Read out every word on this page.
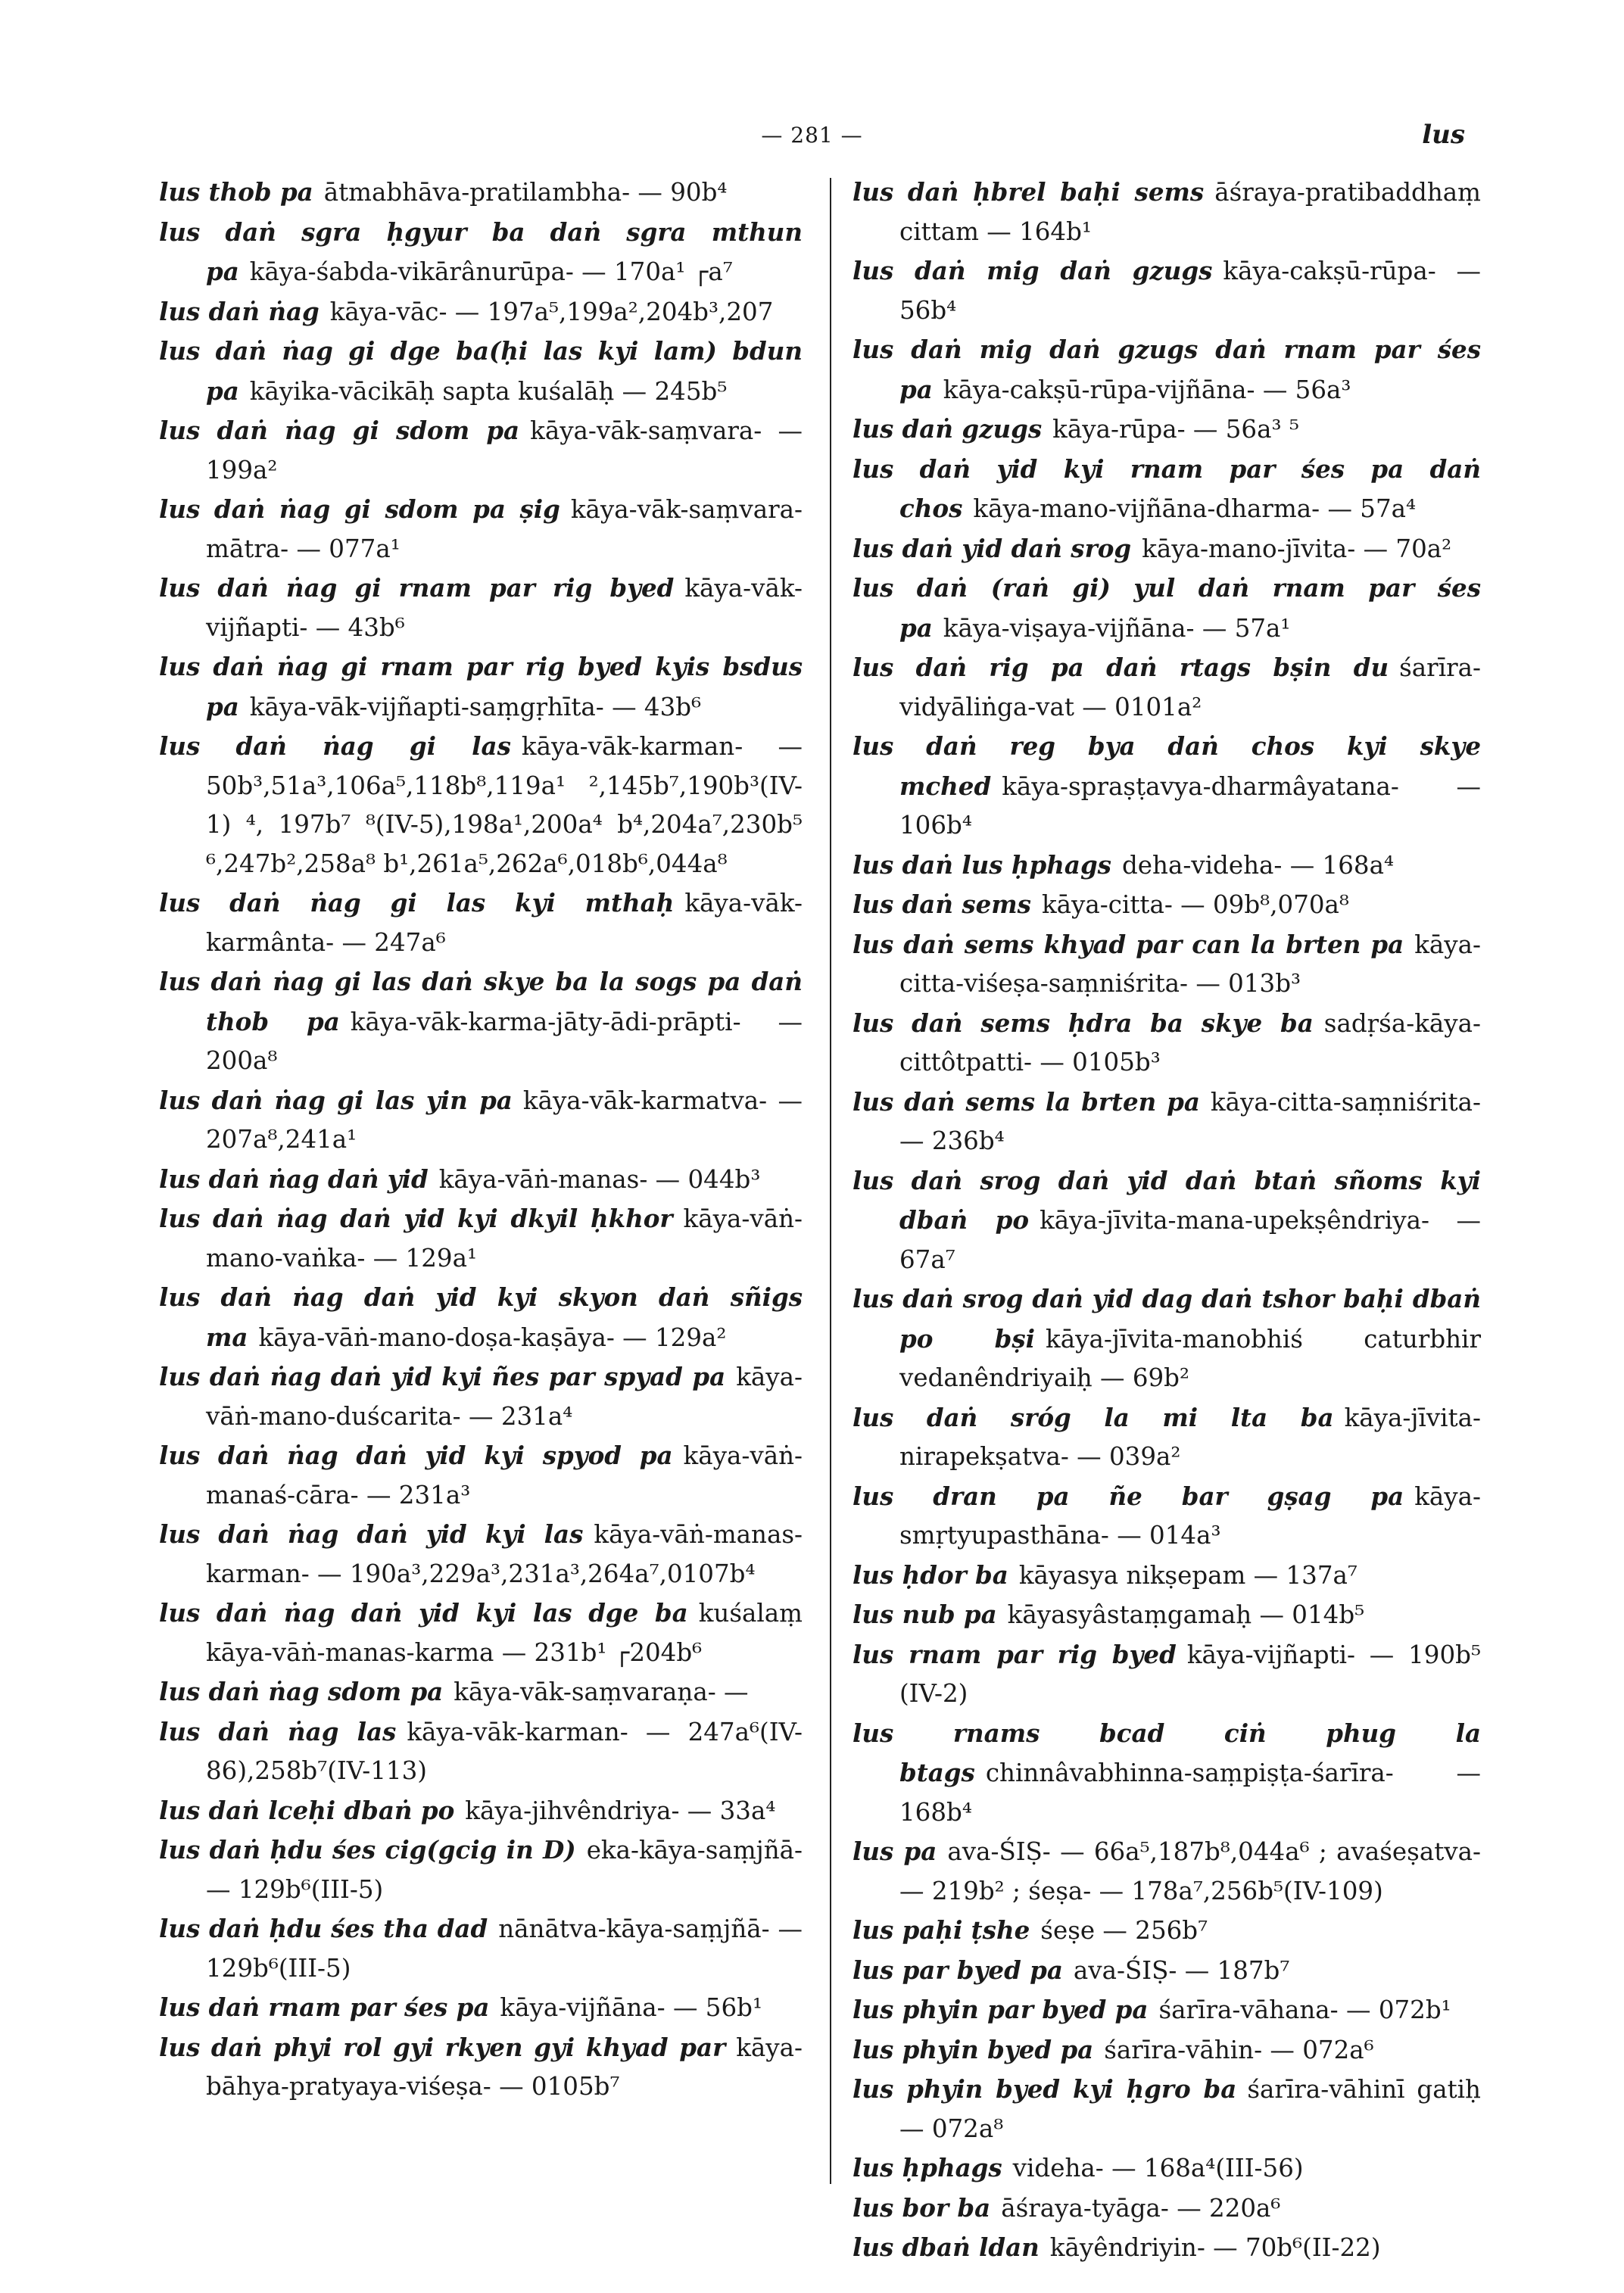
— 281 —	lus
lus thob pa ātmabhāva-pratilambha- — 90b⁴
lus daṅ sgra ḥgyur ba daṅ sgra mthun pa kāya-śabda-vikārânurūpa- — 170a¹ ┌a⁷
lus daṅ ṅag kāya-vāc- — 197a⁵,199a²,204b³,207
lus daṅ ṅag gi dge ba(ḥi las kyi lam) bdun pa kāyika-vācikāḥ sapta kuśalāḥ — 245b⁵
lus daṅ ṅag gi sdom pa kāya-vāk-saṃvara- — 199a²
lus daṅ ṅag gi sdom pa ṣig kāya-vāk-saṃvara-mātra- — 077a¹
lus daṅ ṅag gi rnam par rig byed kāya-vāk-vijñapti- — 43b⁶
lus daṅ ṅag gi rnam par rig byed kyis bsdus pa kāya-vāk-vijñapti-saṃgṛhīta- — 43b⁶
lus daṅ ṅag gi las kāya-vāk-karman- — 50b³,51a³,106a⁵,118b⁸,119a¹ ²,145b⁷,190b³(IV-1) ⁴, 197b⁷ ⁸(IV-5),198a¹,200a⁴ b⁴,204a⁷,230b⁵ ⁶,247b²,258a⁸ b¹,261a⁵,262a⁶,018b⁶,044a⁸
lus daṅ ṅag gi las kyi mthaḥ kāya-vāk-karmânta- — 247a⁶
lus daṅ ṅag gi las daṅ skye ba la sogs pa daṅ thob pa kāya-vāk-karma-jāty-ādi-prāpti- — 200a⁸
lus daṅ ṅag gi las yin pa kāya-vāk-karmatva- — 207a⁸,241a¹
lus daṅ ṅag daṅ yid kāya-vāṅ-manas- — 044b³
lus daṅ ṅag daṅ yid kyi dkyil ḥkhor kāya-vāṅ-mano-vaṅka- — 129a¹
lus daṅ ṅag daṅ yid kyi skyon daṅ sñigs ma kāya-vāṅ-mano-doṣa-kaṣāya- — 129a²
lus daṅ ṅag daṅ yid kyi ñes par spyad pa kāya-vāṅ-mano-duścarita- — 231a⁴
lus daṅ ṅag daṅ yid kyi spyod pa kāya-vāṅ-manaś-cāra- — 231a³
lus daṅ ṅag daṅ yid kyi las kāya-vāṅ-manas-karman- — 190a³,229a³,231a³,264a⁷,0107b⁴
lus daṅ ṅag daṅ yid kyi las dge ba kuśalaṃ kāya-vāṅ-manas-karma — 231b¹ ┌204b⁶
lus daṅ ṅag sdom pa kāya-vāk-saṃvaraṇa- —
lus daṅ ṅag las kāya-vāk-karman- — 247a⁶(IV-86),258b⁷(IV-113)
lus daṅ lceḥi dbaṅ po kāya-jihvêndriya- — 33a⁴
lus daṅ ḥdu śes cig(gcig in D) eka-kāya-saṃjñā- — 129b⁶(III-5)
lus daṅ ḥdu śes tha dad nānātva-kāya-saṃjñā- — 129b⁶(III-5)
lus daṅ rnam par śes pa kāya-vijñāna- — 56b¹
lus daṅ phyi rol gyi rkyen gyi khyad par kāya-bāhya-pratyaya-viśeṣa- — 0105b⁷
lus daṅ ḥbrel baḥi sems āśraya-pratibaddhaṃ cittam — 164b¹
lus daṅ mig daṅ gzugs kāya-cakṣū-rūpa- — 56b⁴
lus daṅ mig daṅ gzugs daṅ rnam par śes pa kāya-cakṣū-rūpa-vijñāna- — 56a³
lus daṅ gzugs kāya-rūpa- — 56a³ ⁵
lus daṅ yid kyi rnam par śes pa daṅ chos kāya-mano-vijñāna-dharma- — 57a⁴
lus daṅ yid daṅ srog kāya-mano-jīvita- — 70a²
lus daṅ (raṅ gi) yul daṅ rnam par śes pa kāya-viṣaya-vijñāna- — 57a¹
lus daṅ rig pa daṅ rtags bṣin du śarīra-vidyāliṅga-vat — 0101a²
lus daṅ reg bya daṅ chos kyi skye mched kāya-spraṣṭavya-dharmâyatana- — 106b⁴
lus daṅ lus ḥphags deha-videha- — 168a⁴
lus daṅ sems kāya-citta- — 09b⁸,070a⁸
lus daṅ sems khyad par can la brten pa kāya-citta-viśeṣa-saṃniśrita- — 013b³
lus daṅ sems ḥdra ba skye ba sadṛśa-kāya-cittôtpatti- — 0105b³
lus daṅ sems la brten pa kāya-citta-saṃniśrita- — 236b⁴
lus daṅ srog daṅ yid daṅ btaṅ sñoms kyi dbaṅ po kāya-jīvita-mana-upekṣêndriya- — 67a⁷
lus daṅ srog daṅ yid dag daṅ tshor baḥi dbaṅ po bṣi kāya-jīvita-manobhiś caturbhir vedanêndriyaiḥ — 69b²
lus daṅ sróg la mi lta ba kāya-jīvita-nirapekṣatva- — 039a²
lus dran pa ñe bar gṣag pa kāya-smṛtyupasthāna- — 014a³
lus ḥdor ba kāyasya nikṣepam — 137a⁷
lus nub pa kāyasyâstaṃgamaḥ — 014b⁵
lus rnam par rig byed kāya-vijñapti- — 190b⁵ (IV-2)
lus rnams bcad ciṅ phug la btags chinnâvabhinna-saṃpiṣṭa-śarīra- — 168b⁴
lus pa ava-ŚIṢ- — 66a⁵,187b⁸,044a⁶ ; avaśeṣatva- — 219b² ; śeṣa- — 178a⁷,256b⁵(IV-109)
lus paḥi ṭshe śeṣe — 256b⁷
lus par byed pa ava-ŚIṢ- — 187b⁷
lus phyin par byed pa śarīra-vāhana- — 072b¹
lus phyin byed pa śarīra-vāhin- — 072a⁶
lus phyin byed kyi ḥgro ba śarīra-vāhinī gatiḥ — 072a⁸
lus ḥphags videha- — 168a⁴(III-56)
lus bor ba āśraya-tyāga- — 220a⁶
lus dbaṅ ldan kāyêndriyin- — 70b⁶(II-22)
